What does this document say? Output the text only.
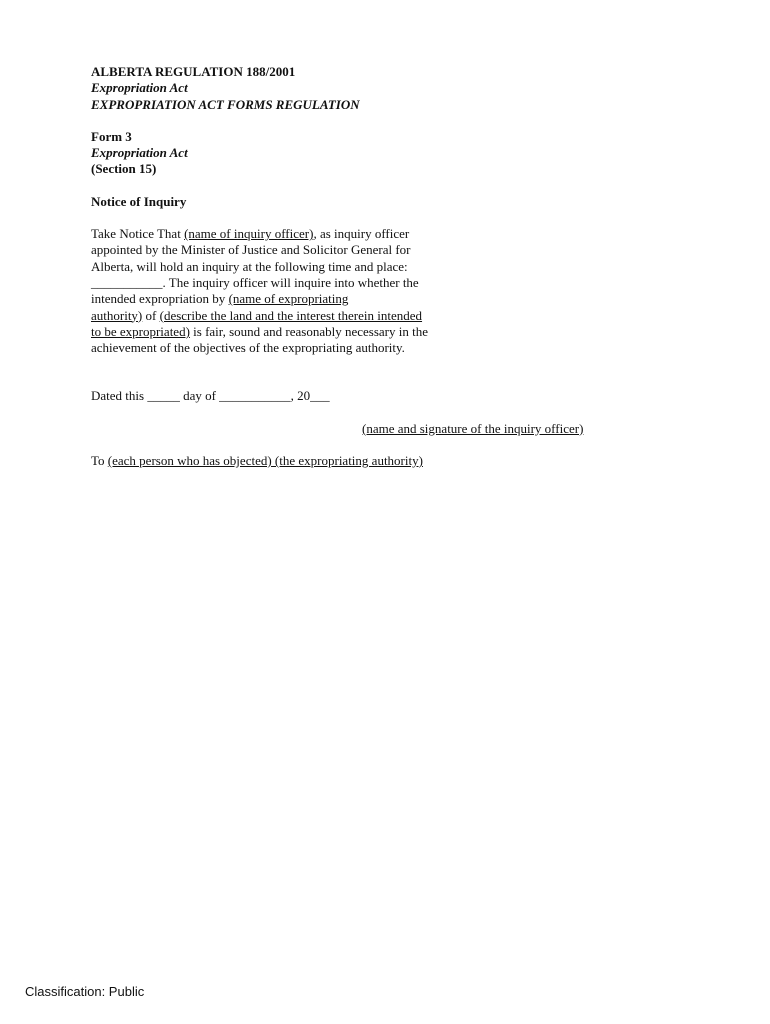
ALBERTA REGULATION 188/2001
Expropriation Act
EXPROPRIATION ACT FORMS REGULATION
Form 3
Expropriation Act
(Section 15)
Notice of Inquiry
Take Notice That (name of inquiry officer), as inquiry officer
appointed by the Minister of Justice and Solicitor General for
Alberta, will hold an inquiry at the following time and place:
___________. The inquiry officer will inquire into whether the
intended expropriation by (name of expropriating
authority) of (describe the land and the interest therein intended
to be expropriated) is fair, sound and reasonably necessary in the
achievement of the objectives of the expropriating authority.
Dated this _____ day of ___________, 20___
(name and signature of the inquiry officer)
To (each person who has objected) (the expropriating authority)
Classification: Public
